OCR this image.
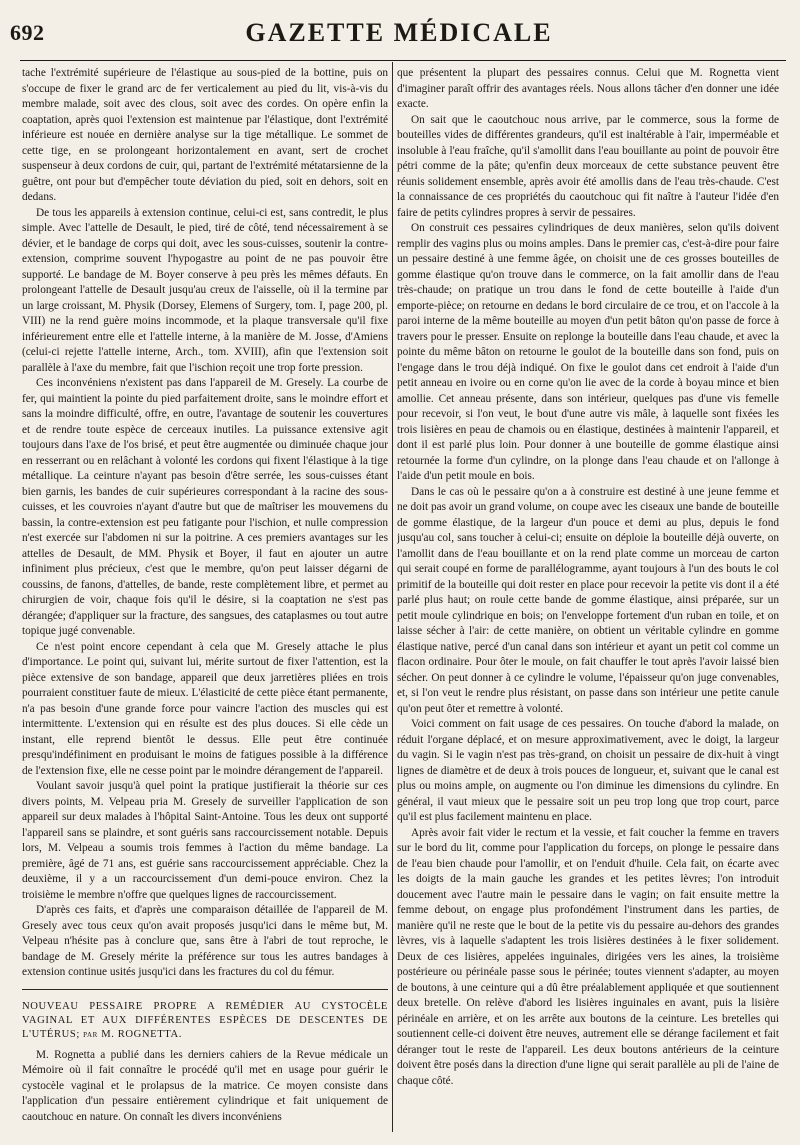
692	GAZETTE MÉDICALE

tache l'extrémité supérieure de l'élastique au sous-pied de la bottine, puis on s'occupe de fixer le grand arc de fer verticalement au pied du lit, vis-à-vis du membre malade, soit avec des clous, soit avec des cordes. On opère enfin la coaptation, après quoi l'extension est maintenue par l'élastique, dont l'extrémité inférieure est nouée en dernière analyse sur la tige métallique. Le sommet de cette tige, en se prolongeant horizontalement en avant, sert de crochet suspenseur à deux cordons de cuir, qui, partant de l'extrémité métatarsienne de la guêtre, ont pour but d'empêcher toute déviation du pied, soit en dehors, soit en dedans.

De tous les appareils à extension continue, celui-ci est, sans contredit, le plus simple. Avec l'attelle de Desault, le pied, tiré de côté, tend nécessairement à se dévier, et le bandage de corps qui doit, avec les sous-cuisses, soutenir la contre-extension, comprime souvent l'hypogastre au point de ne pas pouvoir être supporté. Le bandage de M. Boyer conserve à peu près les mêmes défauts. En prolongeant l'attelle de Desault jusqu'au creux de l'aisselle, où il la termine par un large croissant, M. Physik (Dorsey, Elemens of Surgery, tom. I, page 200, pl. VIII) ne la rend guère moins incommode, et la plaque transversale qu'il fixe inférieurement entre elle et l'attelle interne, à la manière de M. Josse, d'Amiens (celui-ci rejette l'attelle interne, Arch., tom. XVIII), afin que l'extension soit parallèle à l'axe du membre, fait que l'ischion reçoit une trop forte pression.

Ces inconvéniens n'existent pas dans l'appareil de M. Gresely. La courbe de fer, qui maintient la pointe du pied parfaitement droite, sans le moindre effort et sans la moindre difficulté, offre, en outre, l'avantage de soutenir les couvertures et de rendre toute espèce de cerceaux inutiles. La puissance extensive agit toujours dans l'axe de l'os brisé, et peut être augmentée ou diminuée chaque jour en resserrant ou en relâchant à volonté les cordons qui fixent l'élastique à la tige métallique. La ceinture n'ayant pas besoin d'être serrée, les sous-cuisses étant bien garnis, les bandes de cuir supérieures correspondant à la racine des sous-cuisses, et les couvroies n'ayant d'autre but que de maîtriser les mouvemens du bassin, la contre-extension est peu fatigante pour l'ischion, et nulle compression n'est exercée sur l'abdomen ni sur la poitrine. A ces premiers avantages sur les attelles de Desault, de MM. Physik et Boyer, il faut en ajouter un autre infiniment plus précieux, c'est que le membre, qu'on peut laisser dégarni de coussins, de fanons, d'attelles, de bande, reste complètement libre, et permet au chirurgien de voir, chaque fois qu'il le désire, si la coaptation ne s'est pas dérangée; d'appliquer sur la fracture, des sangsues, des cataplasmes ou tout autre topique jugé convenable.

Ce n'est point encore cependant à cela que M. Gresely attache le plus d'importance. Le point qui, suivant lui, mérite surtout de fixer l'attention, est la pièce extensive de son bandage, appareil que deux jarretières pliées en trois pourraient constituer faute de mieux. L'élasticité de cette pièce étant permanente, n'a pas besoin d'une grande force pour vaincre l'action des muscles qui est intermittente. L'extension qui en résulte est des plus douces. Si elle cède un instant, elle reprend bientôt le dessus. Elle peut être continuée presqu'indéfiniment en produisant le moins de fatigues possible à la différence de l'extension fixe, elle ne cesse point par le moindre dérangement de l'appareil.

Voulant savoir jusqu'à quel point la pratique justifierait la théorie sur ces divers points, M. Velpeau pria M. Gresely de surveiller l'application de son appareil sur deux malades à l'hôpital Saint-Antoine. Tous les deux ont supporté l'appareil sans se plaindre, et sont guéris sans raccourcissement notable. Depuis lors, M. Velpeau a soumis trois femmes à l'action du même bandage. La première, âgé de 71 ans, est guérie sans raccourcissement appréciable. Chez la deuxième, il y a un raccourcissement d'un demi-pouce environ. Chez la troisième le membre n'offre que quelques lignes de raccourcissement.

D'après ces faits, et d'après une comparaison détaillée de l'appareil de M. Gresely avec tous ceux qu'on avait proposés jusqu'ici dans le même but, M. Velpeau n'hésite pas à conclure que, sans être à l'abri de tout reproche, le bandage de M. Gresely mérite la préférence sur tous les autres bandages à extension continue usités jusqu'ici dans les fractures du col du fémur.

NOUVEAU PESSAIRE PROPRE A REMÉDIER AU CYSTOCÈLE VAGINAL ET AUX DIFFÉRENTES ESPÈCES DE DESCENTES DE L'UTÉRUS; par M. ROGNETTA.

M. Rognetta a publié dans les derniers cahiers de la Revue médicale un Mémoire où il fait connaître le procédé qu'il met en usage pour guérir le cystocèle vaginal et le prolapsus de la matrice. Ce moyen consiste dans l'application d'un pessaire entièrement cylindrique et fait uniquement de caoutchouc en nature. On connaît les divers inconvéniens

que présentent la plupart des pessaires connus. Celui que M. Rognetta vient d'imaginer paraît offrir des avantages réels. Nous allons tâcher d'en donner une idée exacte.

On sait que le caoutchouc nous arrive, par le commerce, sous la forme de bouteilles vides de différentes grandeurs, qu'il est inaltérable à l'air, imperméable et insoluble à l'eau fraîche, qu'il s'amollit dans l'eau bouillante au point de pouvoir être pétri comme de la pâte; qu'enfin deux morceaux de cette substance peuvent être réunis solidement ensemble, après avoir été amollis dans de l'eau très-chaude. C'est la connaissance de ces propriétés du caoutchouc qui fit naître à l'auteur l'idée d'en faire de petits cylindres propres à servir de pessaires.

On construit ces pessaires cylindriques de deux manières, selon qu'ils doivent remplir des vagins plus ou moins amples. Dans le premier cas, c'est-à-dire pour faire un pessaire destiné à une femme âgée, on choisit une de ces grosses bouteilles de gomme élastique qu'on trouve dans le commerce, on la fait amollir dans de l'eau très-chaude; on pratique un trou dans le fond de cette bouteille à l'aide d'un emporte-pièce; on retourne en dedans le bord circulaire de ce trou, et on l'accole à la paroi interne de la même bouteille au moyen d'un petit bâton qu'on passe de force à travers pour le presser. Ensuite on replonge la bouteille dans l'eau chaude, et avec la pointe du même bâton on retourne le goulot de la bouteille dans son fond, puis on l'engage dans le trou déjà indiqué. On fixe le goulot dans cet endroit à l'aide d'un petit anneau en ivoire ou en corne qu'on lie avec de la corde à boyau mince et bien amollie. Cet anneau présente, dans son intérieur, quelques pas d'une vis femelle pour recevoir, si l'on veut, le bout d'une autre vis mâle, à laquelle sont fixées les trois lisières en peau de chamois ou en élastique, destinées à maintenir l'appareil, et dont il est parlé plus loin. Pour donner à une bouteille de gomme élastique ainsi retournée la forme d'un cylindre, on la plonge dans l'eau chaude et on l'allonge à l'aide d'un petit moule en bois.

Dans le cas où le pessaire qu'on a à construire est destiné à une jeune femme et ne doit pas avoir un grand volume, on coupe avec les ciseaux une bande de bouteille de gomme élastique, de la largeur d'un pouce et demi au plus, depuis le fond jusqu'au col, sans toucher à celui-ci; ensuite on déploie la bouteille déjà ouverte, on l'amollit dans de l'eau bouillante et on la rend plate comme un morceau de carton qui serait coupé en forme de parallélogramme, ayant toujours à l'un des bouts le col primitif de la bouteille qui doit rester en place pour recevoir la petite vis dont il a été parlé plus haut; on roule cette bande de gomme élastique, ainsi préparée, sur un petit moule cylindrique en bois; on l'enveloppe fortement d'un ruban en toile, et on laisse sécher à l'air: de cette manière, on obtient un véritable cylindre en gomme élastique native, percé d'un canal dans son intérieur et ayant un petit col comme un flacon ordinaire. Pour ôter le moule, on fait chauffer le tout après l'avoir laissé bien sécher. On peut donner à ce cylindre le volume, l'épaisseur qu'on juge convenables, et, si l'on veut le rendre plus résistant, on passe dans son intérieur une petite canule qu'on peut ôter et remettre à volonté.

Voici comment on fait usage de ces pessaires. On touche d'abord la malade, on réduit l'organe déplacé, et on mesure approximativement, avec le doigt, la largeur du vagin. Si le vagin n'est pas très-grand, on choisit un pessaire de dix-huit à vingt lignes de diamètre et de deux à trois pouces de longueur, et, suivant que le canal est plus ou moins ample, on augmente ou l'on diminue les dimensions du cylindre. En général, il vaut mieux que le pessaire soit un peu trop long que trop court, parce qu'il est plus facilement maintenu en place.

Après avoir fait vider le rectum et la vessie, et fait coucher la femme en travers sur le bord du lit, comme pour l'application du forceps, on plonge le pessaire dans de l'eau bien chaude pour l'amollir, et on l'enduit d'huile. Cela fait, on écarte avec les doigts de la main gauche les grandes et les petites lèvres; l'on introduit doucement avec l'autre main le pessaire dans le vagin; on fait ensuite mettre la femme debout, on engage plus profondément l'instrument dans les parties, de manière qu'il ne reste que le bout de la petite vis du pessaire au-dehors des grandes lèvres, vis à laquelle s'adaptent les trois lisières destinées à le fixer solidement. Deux de ces lisières, appelées inguinales, dirigées vers les aines, la troisième postérieure ou périnéale passe sous le périnée; toutes viennent s'adapter, au moyen de boutons, à une ceinture qui a dû être préalablement appliquée et que soutiennent deux bretelle. On relève d'abord les lisières inguinales en avant, puis la lisière périnéale en arrière, et on les arrête aux boutons de la ceinture. Les bretelles qui soutiennent celle-ci doivent être neuves, autrement elle se dérange facilement et fait déranger tout le reste de l'appareil. Les deux boutons antérieurs de la ceinture doivent être posés dans la direction d'une ligne qui serait parallèle au pli de l'aine de chaque côté.
